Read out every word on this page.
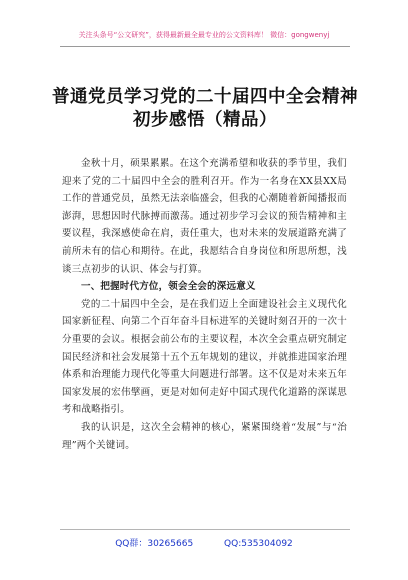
关注头条号“公文研究”，获得最新最全最专业的公文资料库！ 微信：gongwenyj
普通党员学习党的二十届四中全会精神初步感悟（精品）

金秋十月，硕果累累。在这个充满希望和收获的季节里，我们迎来了党的二十届四中全会的胜利召开。作为一名身在XX县XX局工作的普通党员，虽然无法亲临盛会，但我的心潮随着新闻播报而澎湃，思想因时代脉搏而激荡。通过初步学习会议的预告精神和主要议程，我深感使命在肩，责任重大，也对未来的发展道路充满了前所未有的信心和期待。在此，我愿结合自身岗位和所思所想，浅谈三点初步的认识、体会与打算。

一、把握时代方位，领会全会的深远意义

党的二十届四中全会，是在我们迈上全面建设社会主义现代化国家新征程、向第二个百年奋斗目标进军的关键时刻召开的一次十分重要的会议。根据会前公布的主要议程，本次全会重点研究制定国民经济和社会发展第十五个五年规划的建议，并就推进国家治理体系和治理能力现代化等重大问题进行部署。这不仅是对未来五年国家发展的宏伟擘画，更是对如何走好中国式现代化道路的深谋思考和战略指引。

我的认识是，这次全会精神的核心，紧紧围绕着“发展”与“治理”两个关键词。

QQ群：30265665	QQ:535304092
